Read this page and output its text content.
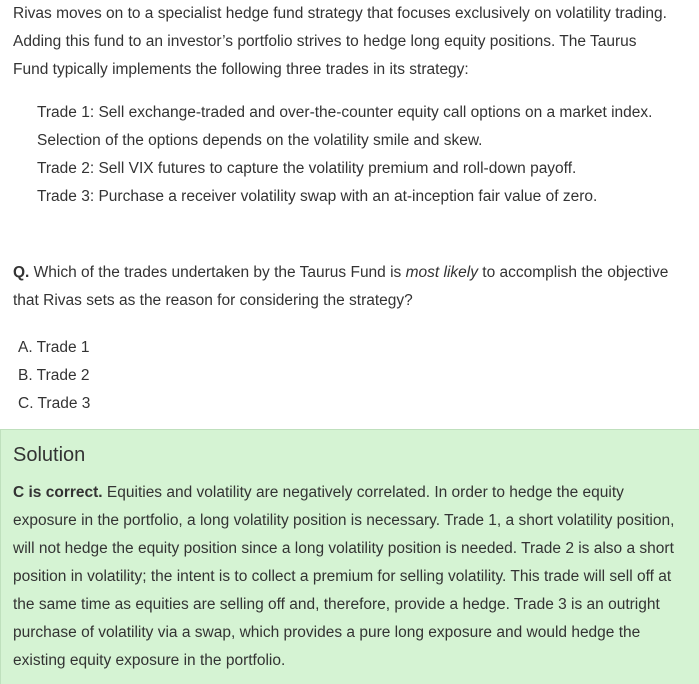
Rivas moves on to a specialist hedge fund strategy that focuses exclusively on volatility trading.
Adding this fund to an investor’s portfolio strives to hedge long equity positions. The Taurus
Fund typically implements the following three trades in its strategy:
Trade 1: Sell exchange-traded and over-the-counter equity call options on a market index.
Selection of the options depends on the volatility smile and skew.
Trade 2: Sell VIX futures to capture the volatility premium and roll-down payoff.
Trade 3: Purchase a receiver volatility swap with an at-inception fair value of zero.
Q. Which of the trades undertaken by the Taurus Fund is most likely to accomplish the objective
that Rivas sets as the reason for considering the strategy?
A. Trade 1
B. Trade 2
C. Trade 3
Solution
C is correct. Equities and volatility are negatively correlated. In order to hedge the equity
exposure in the portfolio, a long volatility position is necessary. Trade 1, a short volatility position,
will not hedge the equity position since a long volatility position is needed. Trade 2 is also a short
position in volatility; the intent is to collect a premium for selling volatility. This trade will sell off at
the same time as equities are selling off and, therefore, provide a hedge. Trade 3 is an outright
purchase of volatility via a swap, which provides a pure long exposure and would hedge the
existing equity exposure in the portfolio.
